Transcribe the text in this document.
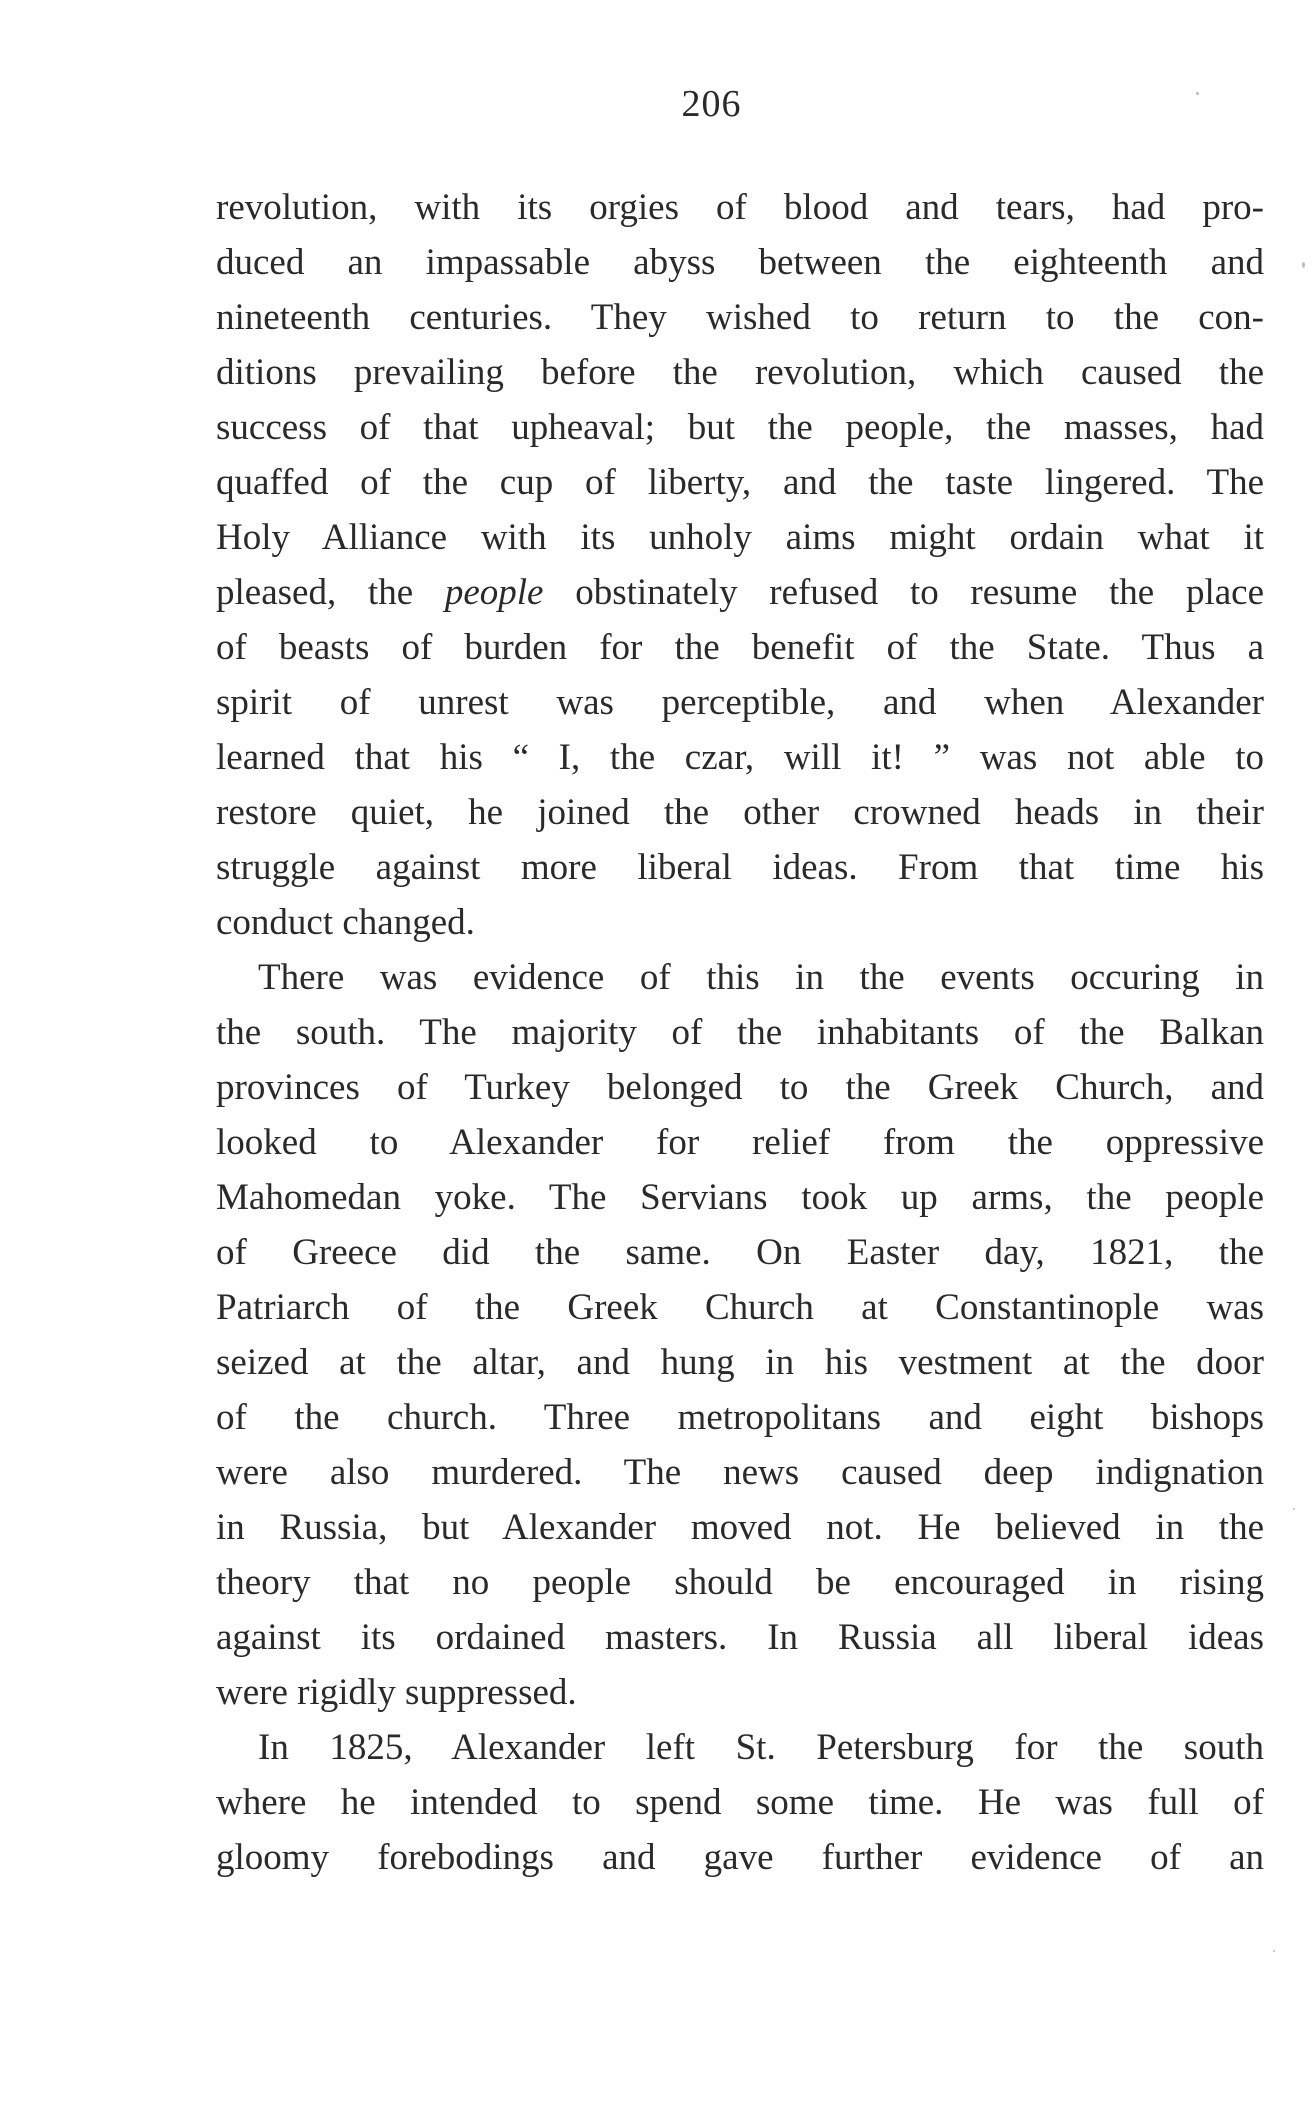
206
revolution, with its orgies of blood and tears, had pro-
duced an impassable abyss between the eighteenth and
nineteenth centuries. They wished to return to the con-
ditions prevailing before the revolution, which caused the
success of that upheaval; but the people, the masses, had
quaffed of the cup of liberty, and the taste lingered. The
Holy Alliance with its unholy aims might ordain what it
pleased, the people obstinately refused to resume the place
of beasts of burden for the benefit of the State. Thus a
spirit of unrest was perceptible, and when Alexander
learned that his “ I, the czar, will it! ” was not able to
restore quiet, he joined the other crowned heads in their
struggle against more liberal ideas. From that time his
conduct changed.
There was evidence of this in the events occuring in
the south. The majority of the inhabitants of the Balkan
provinces of Turkey belonged to the Greek Church, and
looked to Alexander for relief from the oppressive
Mahomedan yoke. The Servians took up arms, the people
of Greece did the same. On Easter day, 1821, the
Patriarch of the Greek Church at Constantinople was
seized at the altar, and hung in his vestment at the door
of the church. Three metropolitans and eight bishops
were also murdered. The news caused deep indignation
in Russia, but Alexander moved not. He believed in the
theory that no people should be encouraged in rising
against its ordained masters. In Russia all liberal ideas
were rigidly suppressed.
In 1825, Alexander left St. Petersburg for the south
where he intended to spend some time. He was full of
gloomy forebodings and gave further evidence of an
